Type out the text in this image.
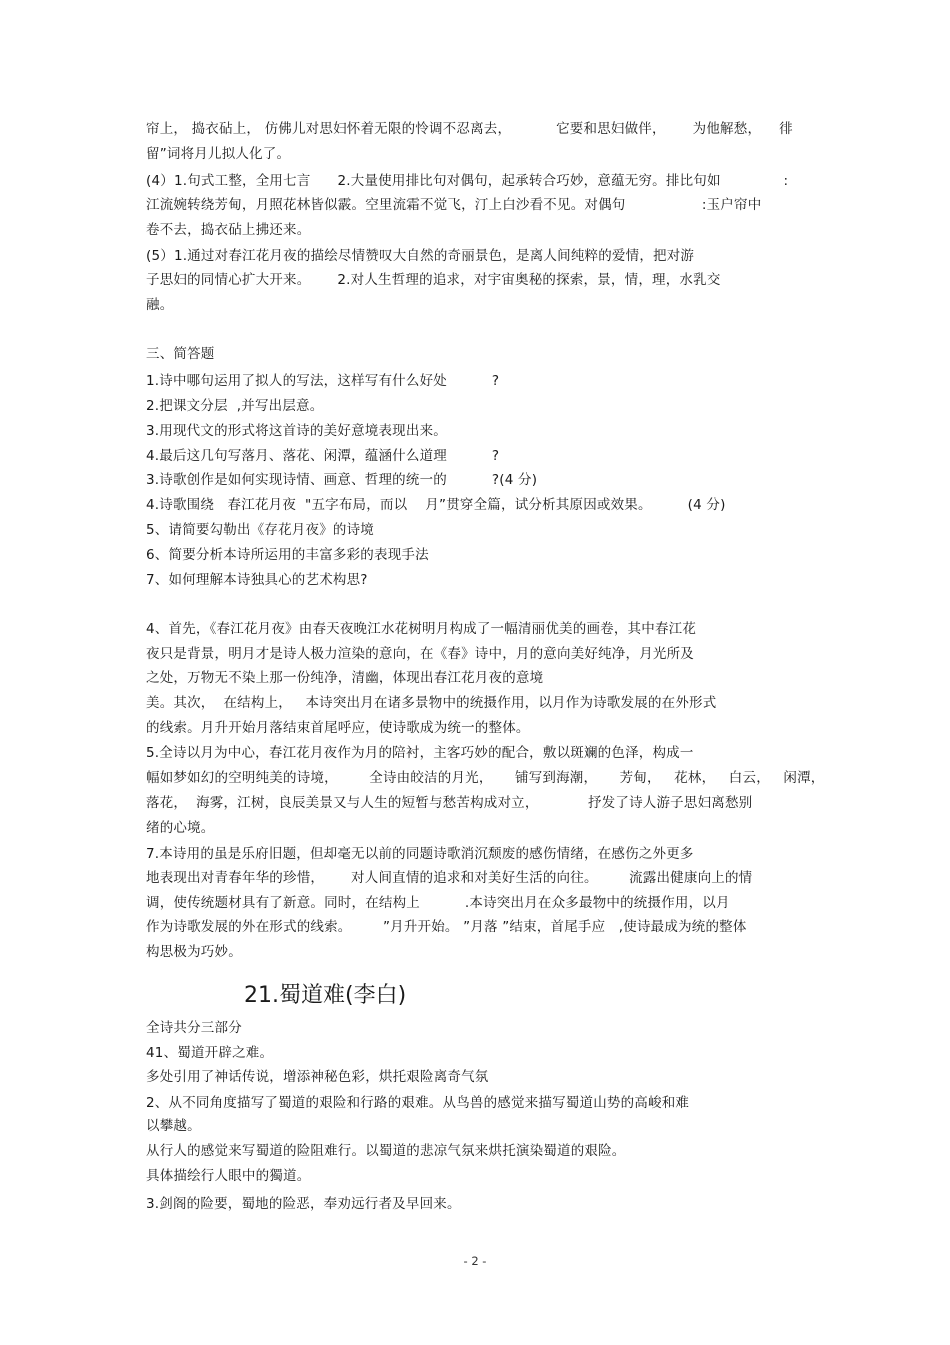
帘上， 捣衣砧上， 仿佛儿对思妇怀着无限的怜调不忍离去，          它要和思妇做伴，      为他解愁，    徘
留”词将月儿拟人化了。
(4）1.句式工整，全用七言      2.大量使用排比句对偶句，起承转合巧妙，意蕴无穷。排比句如              :
江流婉转绕芳甸，月照花林皆似霰。空里流霜不觉飞，汀上白沙看不见。对偶句                 :玉户帘中
卷不去，捣衣砧上拂还来。
(5）1.通过对春江花月夜的描绘尽情赞叹大自然的奇丽景色，是离人间纯粹的爱情，把对游
子思妇的同情心扩大开来。      2.对人生哲理的追求，对宇宙奥秘的探索，景，情，理，水乳交
融。
三、简答题
1.诗中哪句运用了拟人的写法，这样写有什么好处          ?
2.把课文分层  ,并写出层意。
3.用现代文的形式将这首诗的美好意境表现出来。
4.最后这几句写落月、落花、闲潭，蕴涵什么道理          ?
3.诗歌创作是如何实现诗情、画意、哲理的统一的          ?(4 分)
4.诗歌围绕   春江花月夜  "五字布局，而以    月”贯穿全篇，试分析其原因或效果。        (4 分)
5、请简要勾勒出《存花月夜》的诗境
6、简要分析本诗所运用的丰富多彩的表现手法
7、如何理解本诗独具心的艺术构思?
4、首先，《春江花月夜》由春天夜晚江水花树明月构成了一幅清丽优美的画卷，其中春江花
夜只是背景，明月才是诗人极力渲染的意向，在《春》诗中，月的意向美好纯净，月光所及
之处，万物无不染上那一份纯净，清幽，体现出春江花月夜的意境
美。其次，  在结构上，   本诗突出月在诸多景物中的统摄作用，以月作为诗歌发展的在外形式
的线索。月升开始月落结束首尾呼应，使诗歌成为统一的整体。
5.全诗以月为中心，春江花月夜作为月的陪衬，主客巧妙的配合，敷以斑斓的色泽，构成一
幅如梦如幻的空明纯美的诗境，       全诗由皎洁的月光，     铺写到海潮，     芳甸，   花林，   白云，   闲潭，
落花，  海雾，江树，良辰美景又与人生的短暂与愁苦构成对立，           抒发了诗人游子思妇离愁别
绪的心境。
7.本诗用的虽是乐府旧题，但却毫无以前的同题诗歌消沉颓废的感伤情绪，在感伤之外更多
地表现出对青春年华的珍惜，      对人间直情的追求和对美好生活的向往。       流露出健康向上的情
调，使传统题材具有了新意。同时，在结构上          .本诗突出月在众多最物中的统摄作用，以月
作为诗歌发展的外在形式的线索。       ”月升开始。 ”月落 ”结束，首尾手应   ,使诗最成为统的整体
构思极为巧妙。
21.蜀道难(李白)
全诗共分三部分
41、蜀道开辟之难。
多处引用了神话传说，增添神秘色彩，烘托艰险离奇气氛
2、从不同角度描写了蜀道的艰险和行路的艰难。从鸟兽的感觉来描写蜀道山势的高峻和难
以攀越。
从行人的感觉来写蜀道的险阻难行。以蜀道的悲凉气氛来烘托演染蜀道的艰险。
具体描绘行人眼中的獨道。
3.剑阁的险要，蜀地的险恶，奉劝远行者及早回来。
- 2 -
